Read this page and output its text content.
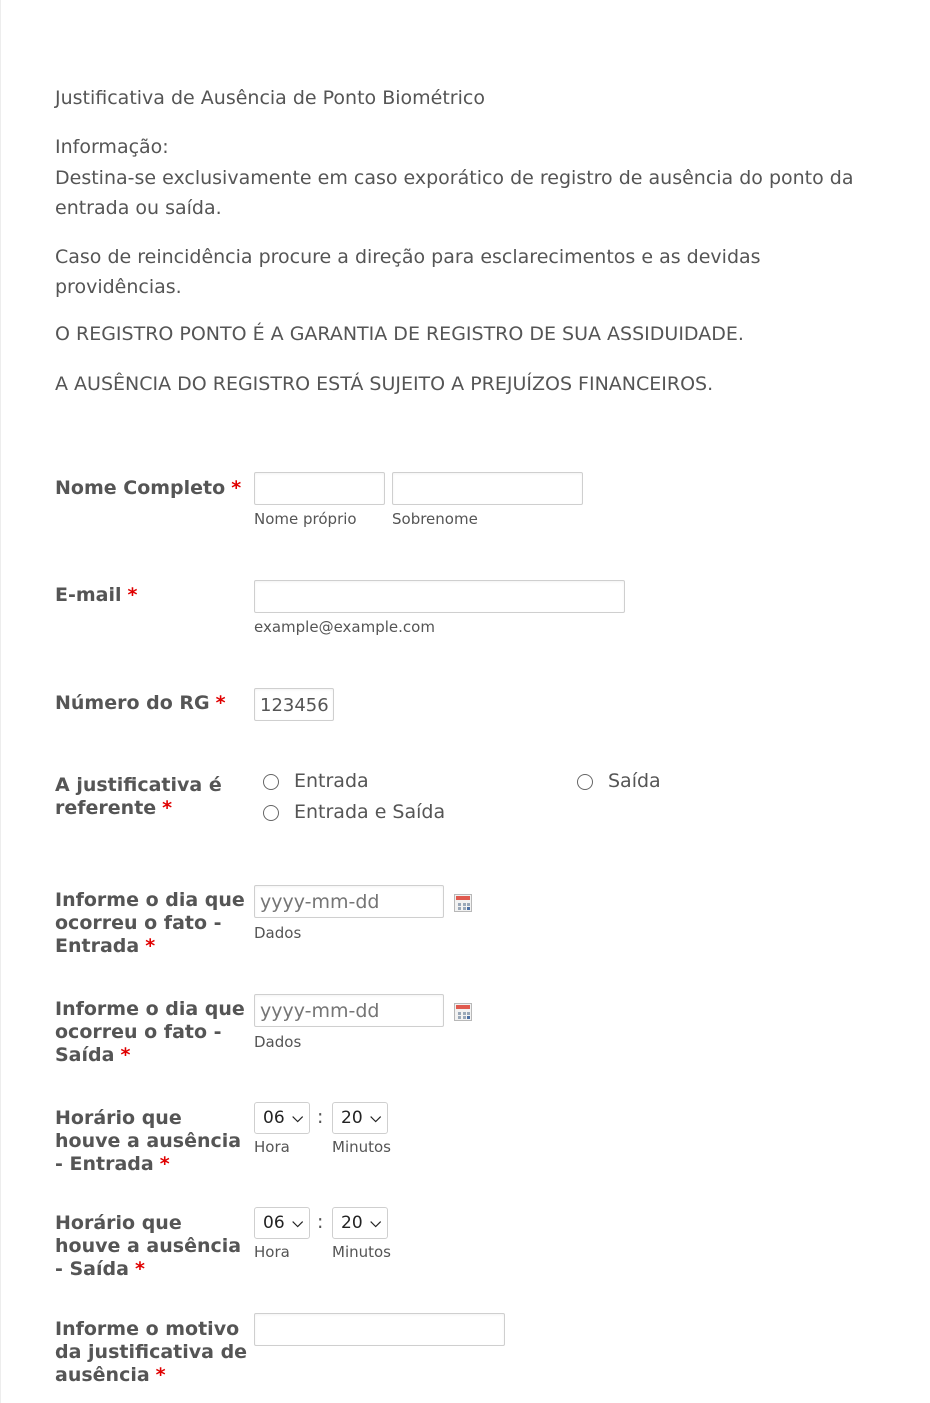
Justificativa de Ausência de Ponto Biométrico
Informação:
Destina-se exclusivamente em caso exporático de registro de ausência do ponto da entrada ou saída.
Caso de reincidência procure a direção para esclarecimentos e as devidas providências.
O REGISTRO PONTO É A GARANTIA DE REGISTRO DE SUA ASSIDUIDADE.
A AUSÊNCIA DO REGISTRO ESTÁ SUJEITO A PREJUÍZOS FINANCEIROS.
Nome Completo *
Nome próprio Sobrenome
E-mail *
example@example.com
Número do RG *	123456
A justificativa é referente *
Entrada	Saída
Entrada e Saída
Informe o dia que ocorreu o fato - Entrada *
yyyy-mm-dd
Dados
Informe o dia que ocorreu o fato - Saída *
yyyy-mm-dd
Dados
Horário que houve a ausência - Entrada *
06 ⌵ :	20 ⌵
Hora	Minutos
Horário que houve a ausência - Saída *
06 ⌵ :	20 ⌵
Hora	Minutos
Informe o motivo da justificativa de ausência *
